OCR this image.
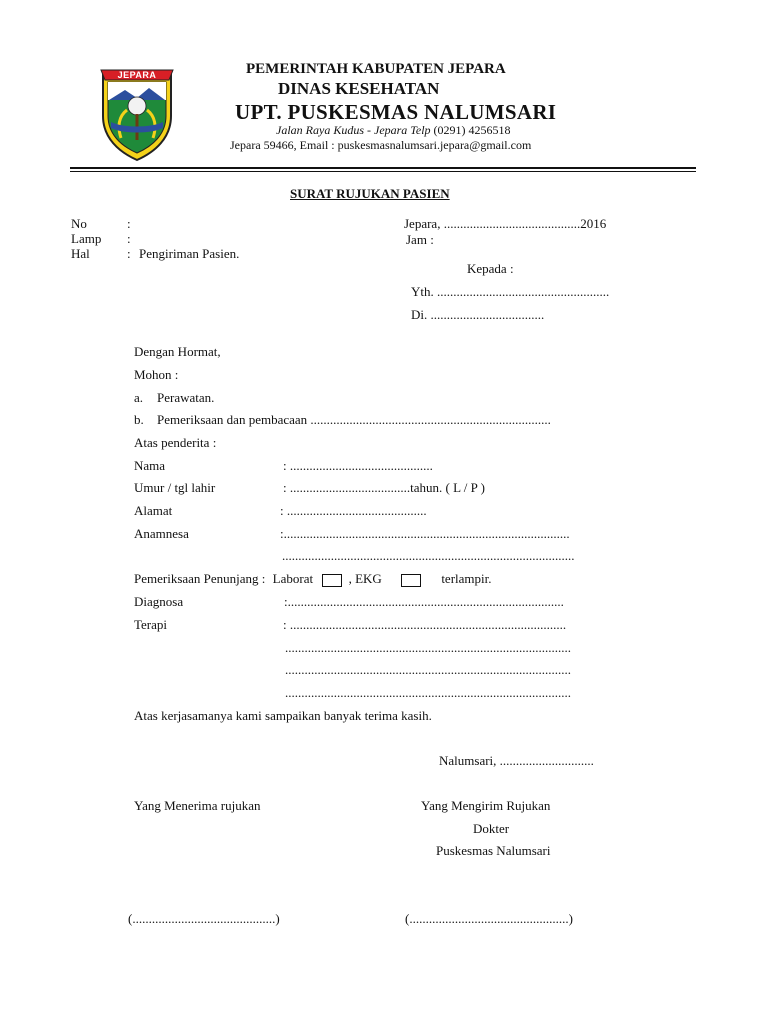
JEPARA	PEMERINTAH KABUPATEN JEPARA
DINAS KESEHATAN
UPT. PUSKESMAS NALUMSARI
Jalan Raya Kudus - Jepara Telp (0291) 4256518
Jepara 59466, Email : puskesmasnalumsari.jepara@gmail.com
SURAT RUJUKAN PASIEN
No	:
Lamp :
Hal	: Pengiriman Pasien.
Jepara, ..........................................2016
Jam :
Kepada :
Yth. .....................................................
Di. ...................................
Dengan Hormat,
Mohon :
a. Perawatan.
b. Pemeriksaan dan pembacaan ..........................................................................
Atas penderita :
Nama	: ............................................
Umur / tgl lahir	: .....................................tahun. ( L / P )
Alamat	: ...........................................
Anamnesa	:........................................................................................
..........................................................................................
Pemeriksaan Penunjang : Laborat	, EKG	terlampir.
Diagnosa	:.....................................................................................
Terapi	: .....................................................................................
........................................................................................
........................................................................................
........................................................................................
Atas kerjasamanya kami sampaikan banyak terima kasih.
Nalumsari, .............................
Yang Menerima rujukan	Yang Mengirim Rujukan
Dokter
Puskesmas Nalumsari
(............................................)	(.................................................)
